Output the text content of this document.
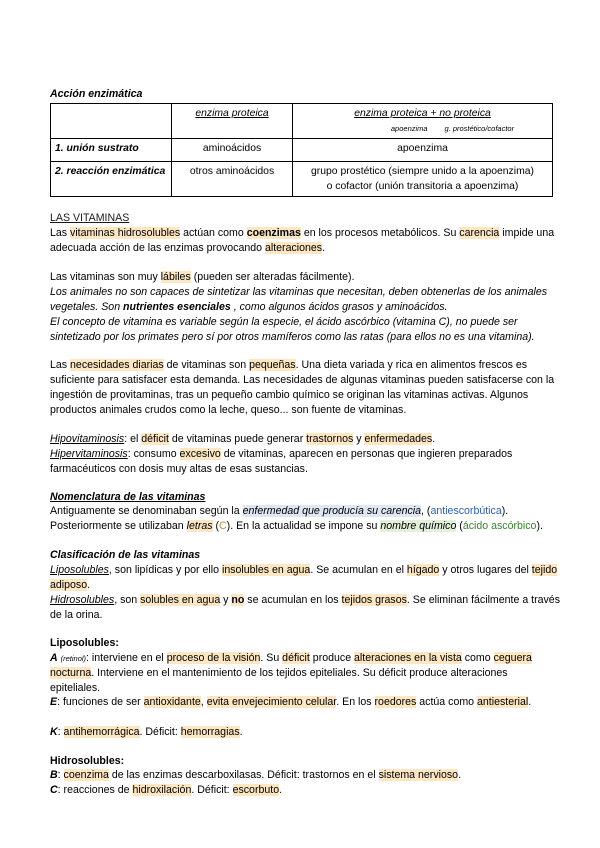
Acción enzimática

	enzima proteica	enzima proteica + no proteica
apoenzima g. prostético/cofactor
1. unión sustrato	aminoácidos	apoenzima
2. reacción enzimática	otros aminoácidos	grupo prostético (siempre unido a la apoenzima)
o cofactor (unión transitoria a apoenzima)

LAS VITAMINAS

Las vitaminas hidrosolubles actúan como coenzimas en los procesos metabólicos. Su carencia impide una adecuada acción de las enzimas provocando alteraciones.

Las vitaminas son muy lábiles (pueden ser alteradas fácilmente).

Los animales no son capaces de sintetizar las vitaminas que necesitan, deben obtenerlas de los animales vegetales. Son nutrientes esenciales , como algunos ácidos grasos y aminoácidos.

El concepto de vitamina es variable según la especie, el ácido ascórbico (vitamina C), no puede ser sintetizado por los primates pero sí por otros mamíferos como las ratas (para ellos no es una vitamina).

Las necesidades diarias de vitaminas son pequeñas. Una dieta variada y rica en alimentos frescos es suficiente para satisfacer esta demanda. Las necesidades de algunas vitaminas pueden satisfacerse con la ingestión de provitaminas, tras un pequeño cambio químico se originan las vitaminas activas. Algunos productos animales crudos como la leche, queso... son fuente de vitaminas.

Hipovitaminosis: el déficit de vitaminas puede generar trastornos y enfermedades.

Hipervitaminosis: consumo excesivo de vitaminas, aparecen en personas que ingieren preparados farmacéuticos con dosis muy altas de esas sustancias.

Nomenclatura de las vitaminas

Antiguamente se denominaban según la enfermedad que producía su carencia, (antiescorbútica).
Posteriormente se utilizaban letras (C). En la actualidad se impone su nombre químico (ácido ascórbico).

Clasificación de las vitaminas

Liposolubles, son lipídicas y por ello insolubles en agua. Se acumulan en el hígado y otros lugares del tejido adiposo.

Hidrosolubles, son solubles en agua y no se acumulan en los tejidos grasos. Se eliminan fácilmente a través de la orina.

Liposolubles:

A (retinol): interviene en el proceso de la visión. Su déficit produce alteraciones en la vista como ceguera nocturna. Interviene en el mantenimiento de los tejidos epiteliales. Su déficit produce alteraciones epiteliales.

E: funciones de ser antioxidante, evita envejecimiento celular. En los roedores actúa como antiesterial.

K: antihemorrágica. Déficit: hemorragias.

Hidrosolubles:

B: coenzima de las enzimas descarboxilasas. Déficit: trastornos en el sistema nervioso.

C: reacciones de hidroxilación. Déficit: escorbuto.
